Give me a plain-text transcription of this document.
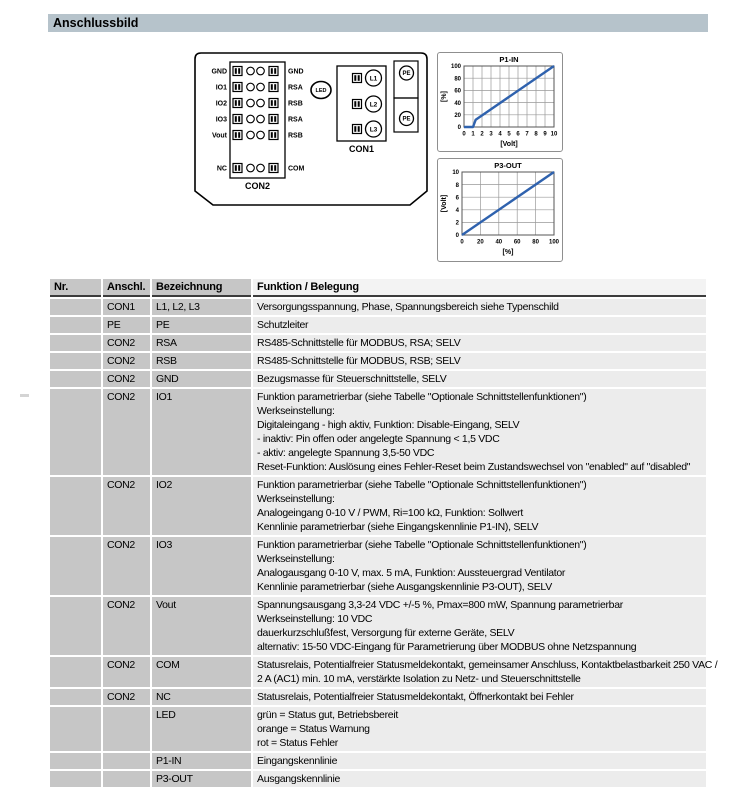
Anschlussbild
GND	GND
IO1	RSA
IO2	RSB
IO3	RSA
Vout	RSB
NC	COM
CON2
L1
L2
L3
CON1
PE
PE
LED
0 1 2 3 4 5 6 7 8 9 10
0
20
40
60
80
100
P1-IN
[Volt]
[%]
0 20 40 60 80 100
0
2
4
6
8
10
P3-OUT
[%]
[Volt]
Nr.	Anschl.	Bezeichnung	Funktion / Belegung
	CON1	L1, L2, L3	Versorgungsspannung, Phase, Spannungsbereich siehe Typenschild

	PE	PE	Schutzleiter

	CON2	RSA	RS485-Schnittstelle für MODBUS, RSA; SELV

	CON2	RSB	RS485-Schnittstelle für MODBUS, RSB; SELV

	CON2	GND	Bezugsmasse für Steuerschnittstelle, SELV

	CON2	IO1	Funktion parametrierbar (siehe Tabelle "Optionale Schnittstellenfunktionen")
Werkseinstellung:
Digitaleingang - high aktiv, Funktion: Disable-Eingang, SELV
- inaktiv: Pin offen oder angelegte Spannung < 1,5 VDC
- aktiv: angelegte Spannung 3,5-50 VDC
Reset-Funktion: Auslösung eines Fehler-Reset beim Zustandswechsel von "enabled" auf "disabled"

	CON2	IO2	Funktion parametrierbar (siehe Tabelle "Optionale Schnittstellenfunktionen")
Werkseinstellung:
Analogeingang 0-10 V / PWM, Ri=100 kΩ, Funktion: Sollwert
Kennlinie parametrierbar (siehe Eingangskennlinie P1-IN), SELV

	CON2	IO3	Funktion parametrierbar (siehe Tabelle "Optionale Schnittstellenfunktionen")
Werkseinstellung:
Analogausgang 0-10 V, max. 5 mA, Funktion: Aussteuergrad Ventilator
Kennlinie parametrierbar (siehe Ausgangskennlinie P3-OUT), SELV

	CON2	Vout	Spannungsausgang 3,3-24 VDC +/-5 %, Pmax=800 mW, Spannung parametrierbar
Werkseinstellung: 10 VDC
dauerkurzschlußfest, Versorgung für externe Geräte, SELV
alternativ: 15-50 VDC-Eingang für Parametrierung über MODBUS ohne Netzspannung

	CON2	COM	Statusrelais, Potentialfreier Statusmeldekontakt, gemeinsamer Anschluss, Kontaktbelastbarkeit 250 VAC /
2 A (AC1) min. 10 mA, verstärkte Isolation zu Netz- und Steuerschnittstelle

	CON2	NC	Statusrelais, Potentialfreier Statusmeldekontakt, Öffnerkontakt bei Fehler

		LED	grün = Status gut, Betriebsbereit
orange = Status Warnung
rot = Status Fehler

		P1-IN	Eingangskennlinie

		P3-OUT	Ausgangskennlinie
